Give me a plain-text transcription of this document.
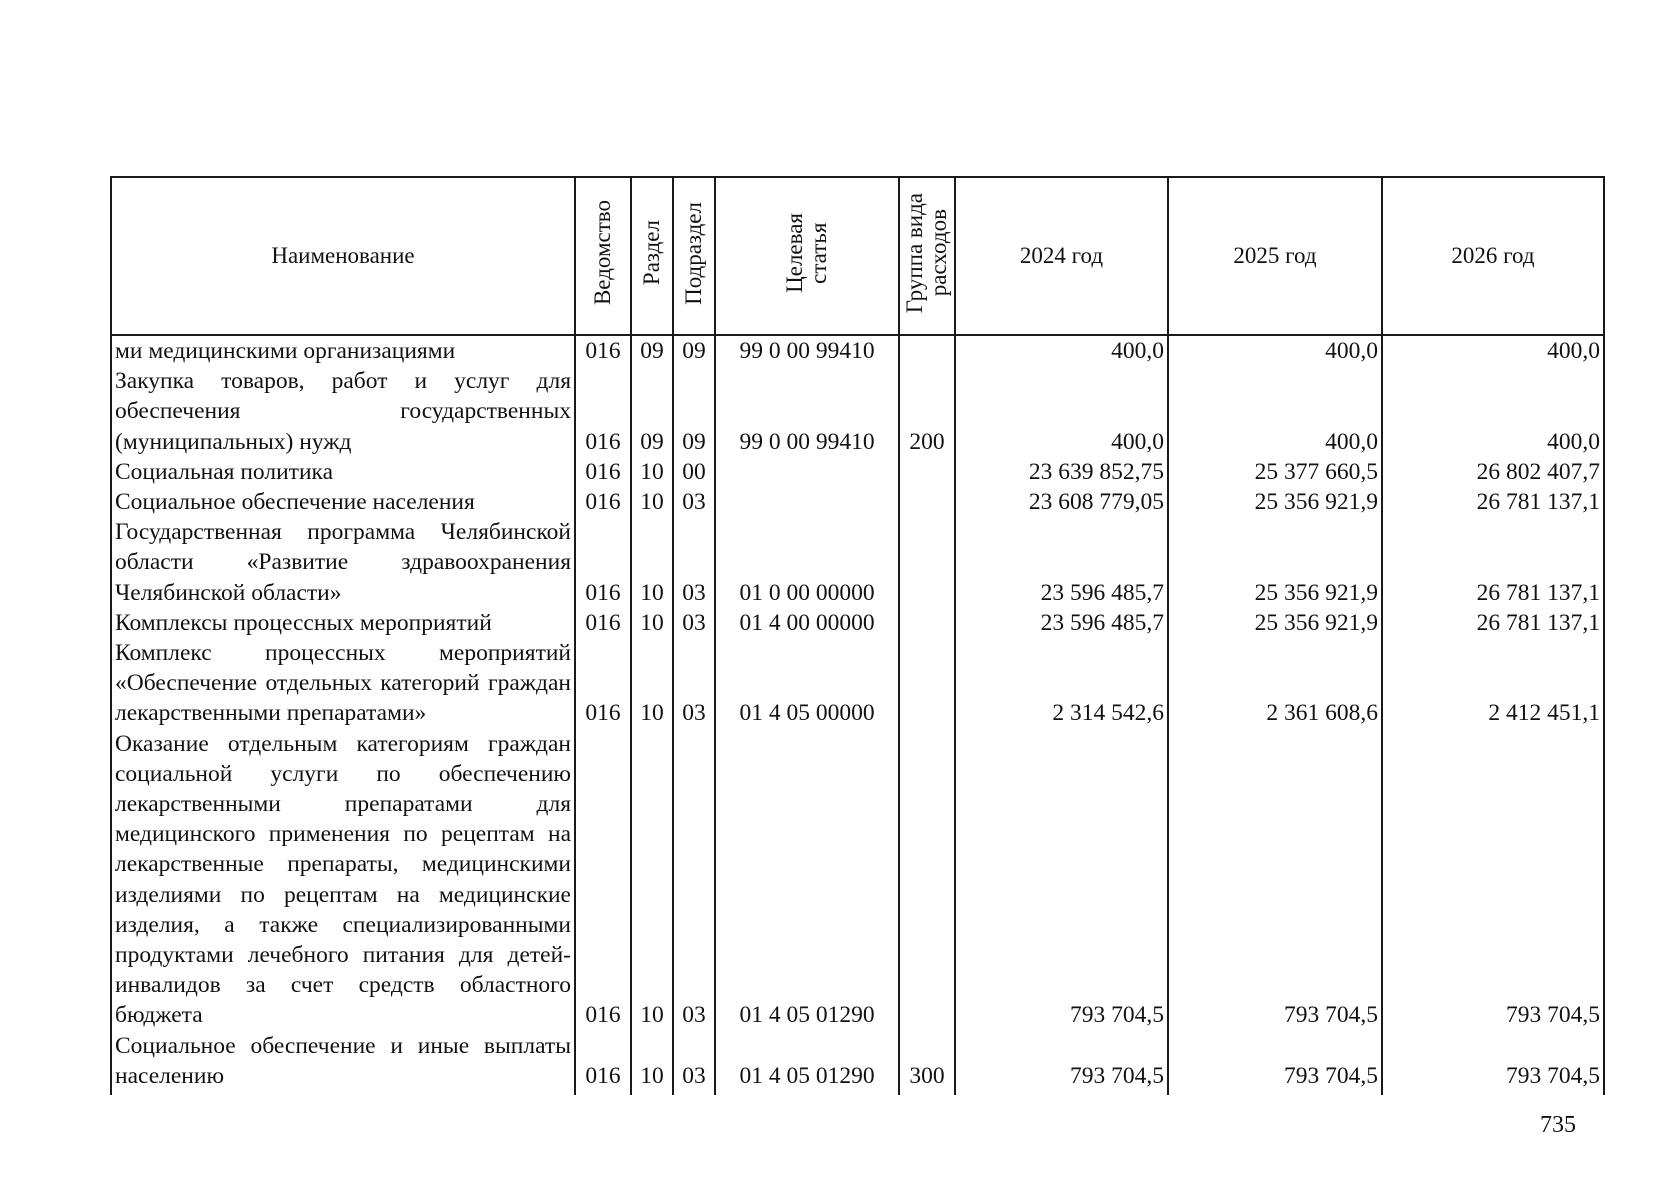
Наименование	Ведомство	Раздел	Подраздел	Целевая статья	Группа вида расходов	2024 год	2025 год	2026 год
ми медицинскими организациями	016	09	09	99 0 00 99410		400,0	400,0	400,0
Закупка товаров, работ и услуг для обеспечения государственных (муниципальных) нужд	016	09	09	99 0 00 99410	200	400,0	400,0	400,0
Социальная политика	016	10	00			23 639 852,75	25 377 660,5	26 802 407,7
Социальное обеспечение населения	016	10	03			23 608 779,05	25 356 921,9	26 781 137,1
Государственная программа Челябинской области «Развитие здравоохранения Челябинской области»	016	10	03	01 0 00 00000		23 596 485,7	25 356 921,9	26 781 137,1
Комплексы процессных мероприятий	016	10	03	01 4 00 00000		23 596 485,7	25 356 921,9	26 781 137,1
Комплекс процессных мероприятий «Обеспечение отдельных категорий граждан лекарственными препаратами»	016	10	03	01 4 05 00000		2 314 542,6	2 361 608,6	2 412 451,1
Оказание отдельным категориям граждан социальной услуги по обеспечению лекарственными препаратами для медицинского применения по рецептам на лекарственные препараты, медицинскими изделиями по рецептам на медицинские изделия, а также специализированными продуктами лечебного питания для детей-инвалидов за счет средств областного бюджета	016	10	03	01 4 05 01290		793 704,5	793 704,5	793 704,5
Социальное обеспечение и иные выплаты населению	016	10	03	01 4 05 01290	300	793 704,5	793 704,5	793 704,5
735
